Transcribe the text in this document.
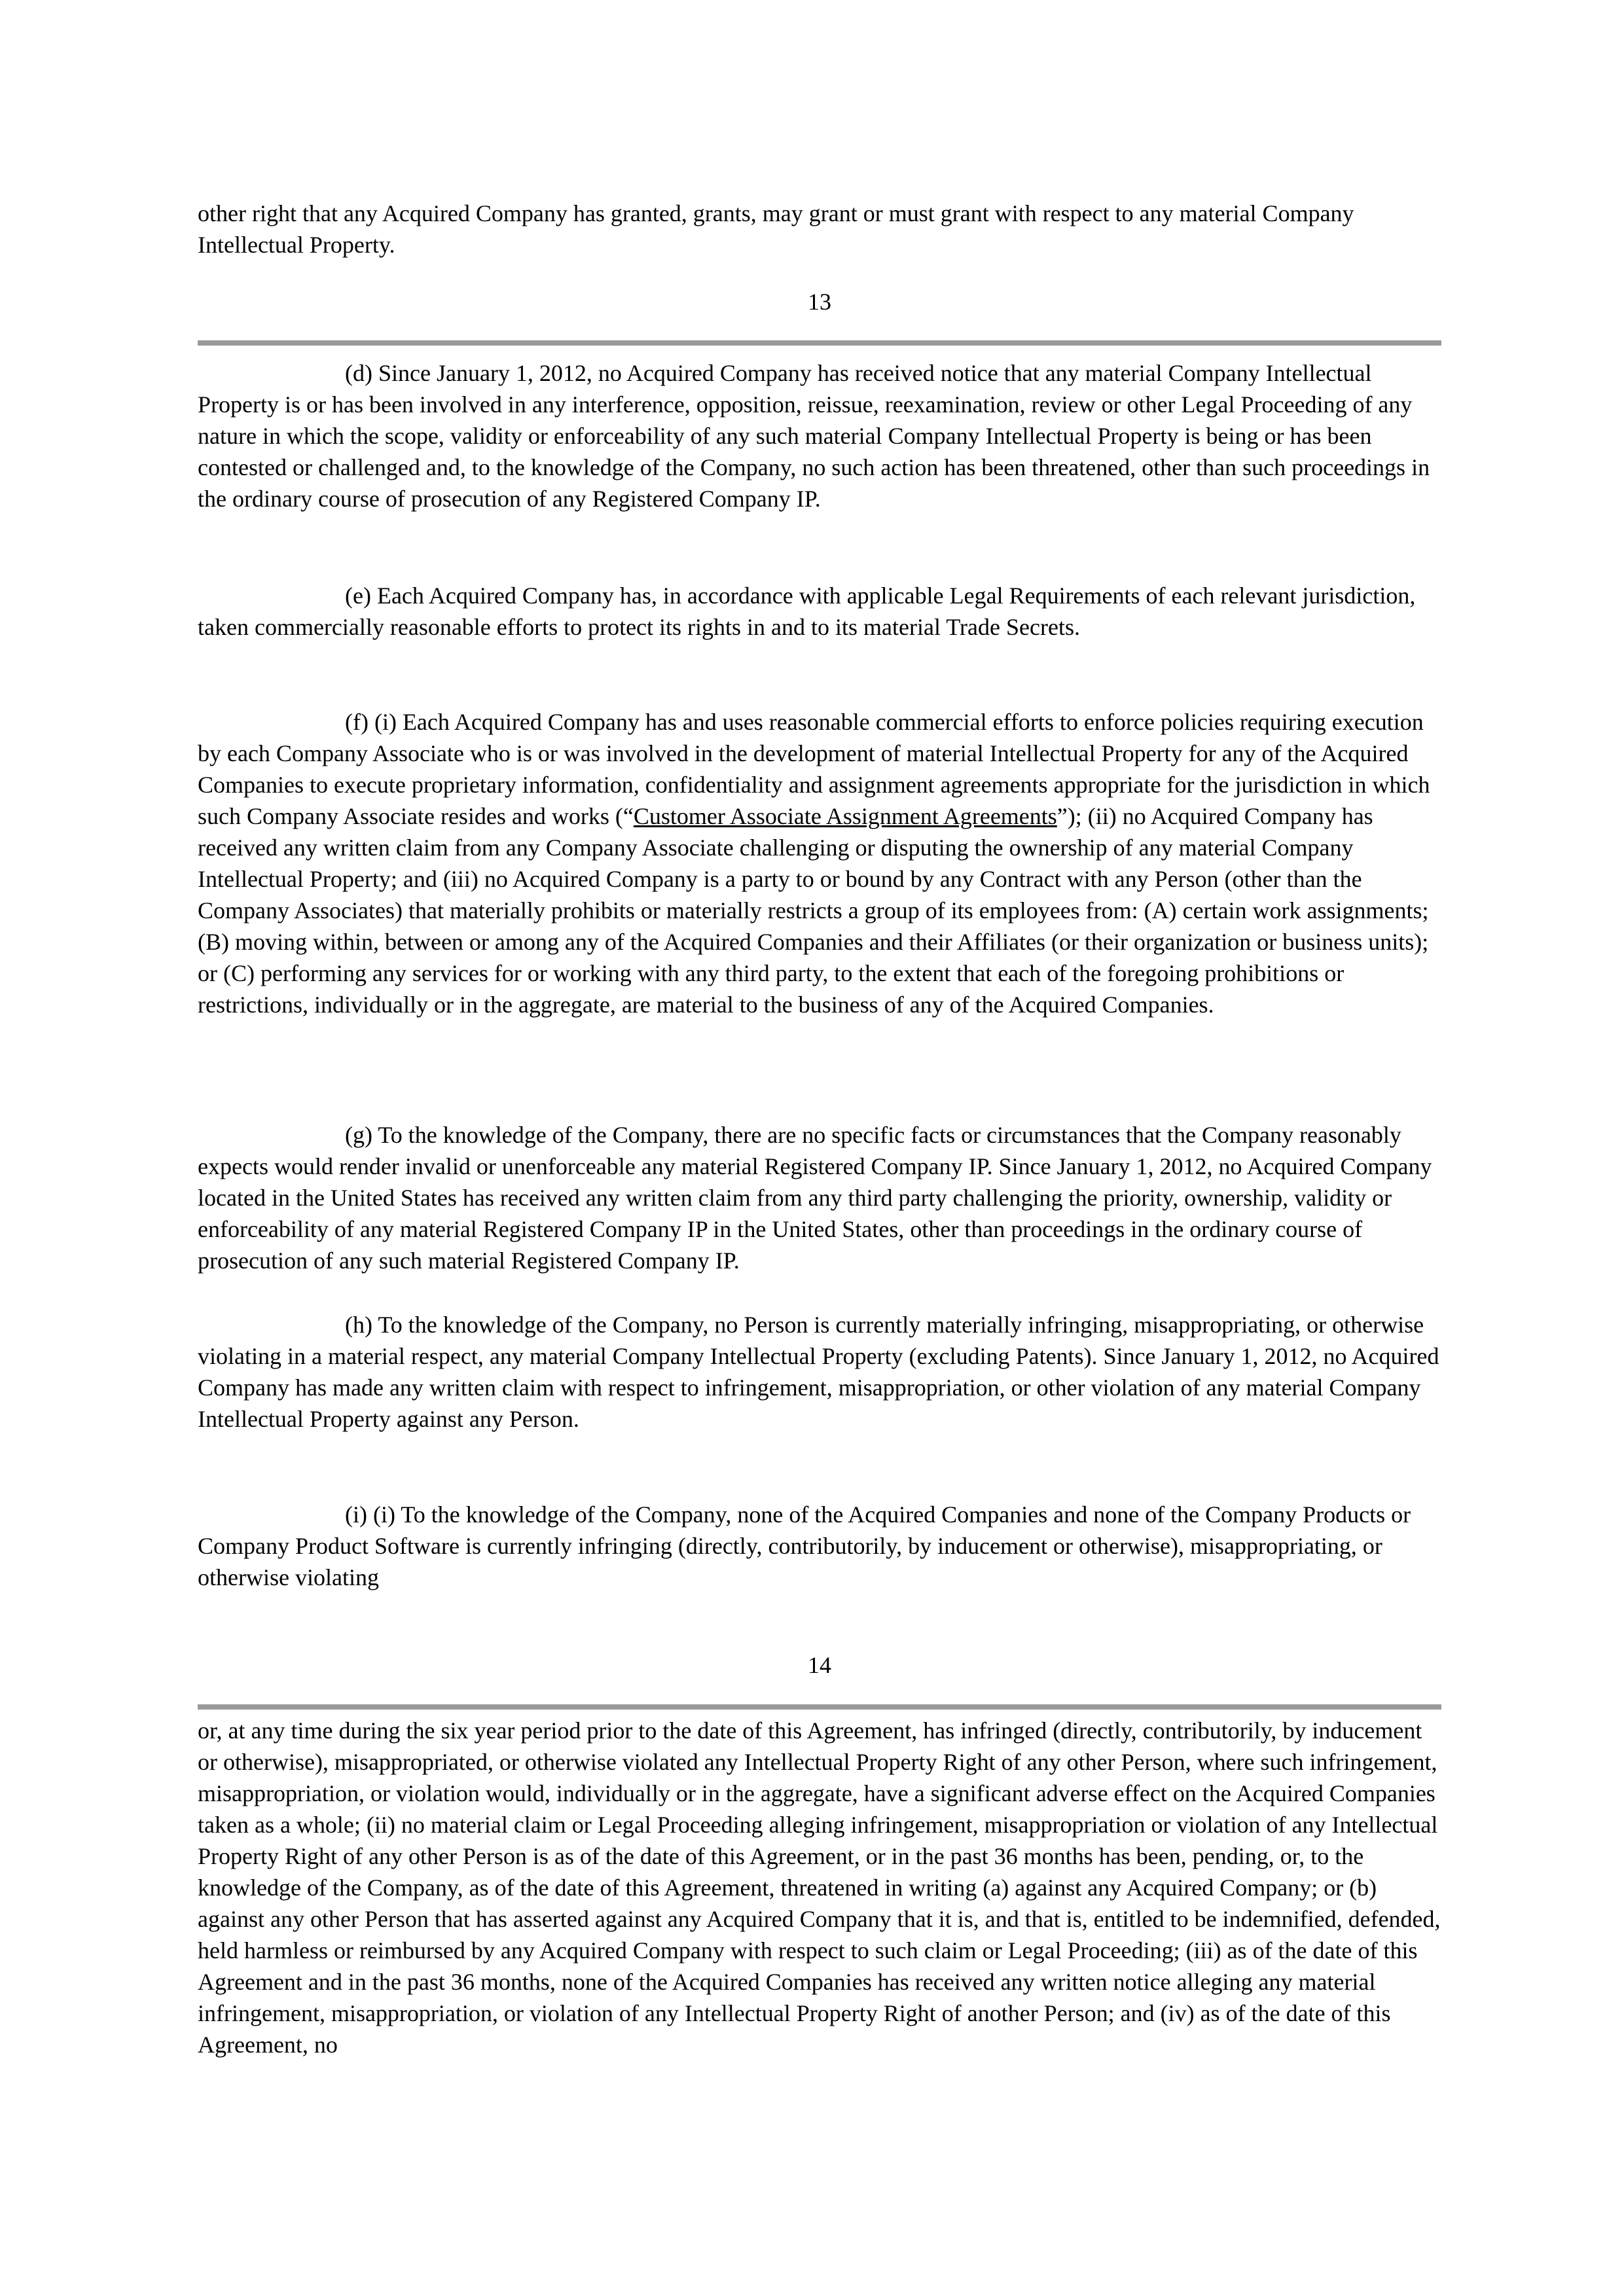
other right that any Acquired Company has granted, grants, may grant or must grant with respect to any material Company Intellectual Property.

13

(d) Since January 1, 2012, no Acquired Company has received notice that any material Company Intellectual Property is or has been involved in any interference, opposition, reissue, reexamination, review or other Legal Proceeding of any nature in which the scope, validity or enforceability of any such material Company Intellectual Property is being or has been contested or challenged and, to the knowledge of the Company, no such action has been threatened, other than such proceedings in the ordinary course of prosecution of any Registered Company IP.

(e) Each Acquired Company has, in accordance with applicable Legal Requirements of each relevant jurisdiction, taken commercially reasonable efforts to protect its rights in and to its material Trade Secrets.

(f) (i) Each Acquired Company has and uses reasonable commercial efforts to enforce policies requiring execution by each Company Associate who is or was involved in the development of material Intellectual Property for any of the Acquired Companies to execute proprietary information, confidentiality and assignment agreements appropriate for the jurisdiction in which such Company Associate resides and works (“Customer Associate Assignment Agreements”); (ii) no Acquired Company has received any written claim from any Company Associate challenging or disputing the ownership of any material Company Intellectual Property; and (iii) no Acquired Company is a party to or bound by any Contract with any Person (other than the Company Associates) that materially prohibits or materially restricts a group of its employees from: (A) certain work assignments; (B) moving within, between or among any of the Acquired Companies and their Affiliates (or their organization or business units); or (C) performing any services for or working with any third party, to the extent that each of the foregoing prohibitions or restrictions, individually or in the aggregate, are material to the business of any of the Acquired Companies.

(g) To the knowledge of the Company, there are no specific facts or circumstances that the Company reasonably expects would render invalid or unenforceable any material Registered Company IP. Since January 1, 2012, no Acquired Company located in the United States has received any written claim from any third party challenging the priority, ownership, validity or enforceability of any material Registered Company IP in the United States, other than proceedings in the ordinary course of prosecution of any such material Registered Company IP.

(h) To the knowledge of the Company, no Person is currently materially infringing, misappropriating, or otherwise violating in a material respect, any material Company Intellectual Property (excluding Patents). Since January 1, 2012, no Acquired Company has made any written claim with respect to infringement, misappropriation, or other violation of any material Company Intellectual Property against any Person.

(i) (i) To the knowledge of the Company, none of the Acquired Companies and none of the Company Products or Company Product Software is currently infringing (directly, contributorily, by inducement or otherwise), misappropriating, or otherwise violating

14

or, at any time during the six year period prior to the date of this Agreement, has infringed (directly, contributorily, by inducement or otherwise), misappropriated, or otherwise violated any Intellectual Property Right of any other Person, where such infringement, misappropriation, or violation would, individually or in the aggregate, have a significant adverse effect on the Acquired Companies taken as a whole; (ii) no material claim or Legal Proceeding alleging infringement, misappropriation or violation of any Intellectual Property Right of any other Person is as of the date of this Agreement, or in the past 36 months has been, pending, or, to the knowledge of the Company, as of the date of this Agreement, threatened in writing (a) against any Acquired Company; or (b) against any other Person that has asserted against any Acquired Company that it is, and that is, entitled to be indemnified, defended, held harmless or reimbursed by any Acquired Company with respect to such claim or Legal Proceeding; (iii) as of the date of this Agreement and in the past 36 months, none of the Acquired Companies has received any written notice alleging any material infringement, misappropriation, or violation of any Intellectual Property Right of another Person; and (iv) as of the date of this Agreement, no
